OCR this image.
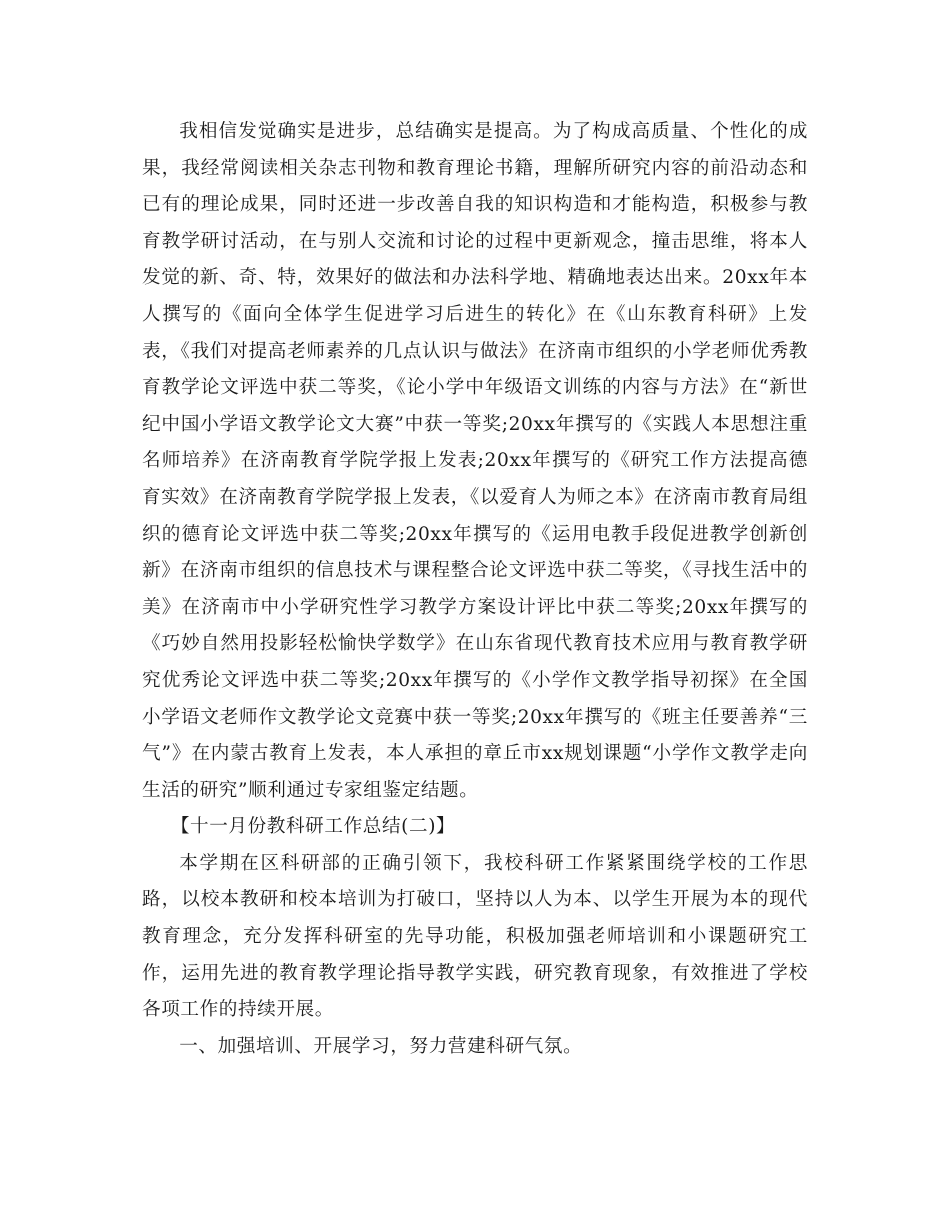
我相信发觉确实是进步，总结确实是提高。为了构成高质量、个性化的成果，我经常阅读相关杂志刊物和教育理论书籍，理解所研究内容的前沿动态和已有的理论成果，同时还进一步改善自我的知识构造和才能构造，积极参与教育教学研讨活动，在与别人交流和讨论的过程中更新观念，撞击思维，将本人发觉的新、奇、特，效果好的做法和办法科学地、精确地表达出来。20xx年本人撰写的《面向全体学生促进学习后进生的转化》在《山东教育科研》上发表，《我们对提高老师素养的几点认识与做法》在济南市组织的小学老师优秀教育教学论文评选中获二等奖，《论小学中年级语文训练的内容与方法》在“新世纪中国小学语文教学论文大赛”中获一等奖;20xx年撰写的《实践人本思想注重名师培养》在济南教育学院学报上发表;20xx年撰写的《研究工作方法提高德育实效》在济南教育学院学报上发表，《以爱育人为师之本》在济南市教育局组织的德育论文评选中获二等奖;20xx年撰写的《运用电教手段促进教学创新创新》在济南市组织的信息技术与课程整合论文评选中获二等奖，《寻找生活中的美》在济南市中小学研究性学习教学方案设计评比中获二等奖;20xx年撰写的《巧妙自然用投影轻松愉快学数学》在山东省现代教育技术应用与教育教学研究优秀论文评选中获二等奖;20xx年撰写的《小学作文教学指导初探》在全国小学语文老师作文教学论文竞赛中获一等奖;20xx年撰写的《班主任要善养“三气”》在内蒙古教育上发表，本人承担的章丘市xx规划课题“小学作文教学走向生活的研究”顺利通过专家组鉴定结题。

【十一月份教科研工作总结(二)】

本学期在区科研部的正确引领下，我校科研工作紧紧围绕学校的工作思路，以校本教研和校本培训为打破口，坚持以人为本、以学生开展为本的现代教育理念，充分发挥科研室的先导功能，积极加强老师培训和小课题研究工作，运用先进的教育教学理论指导教学实践，研究教育现象，有效推进了学校各项工作的持续开展。

一、加强培训、开展学习，努力营建科研气氛。
